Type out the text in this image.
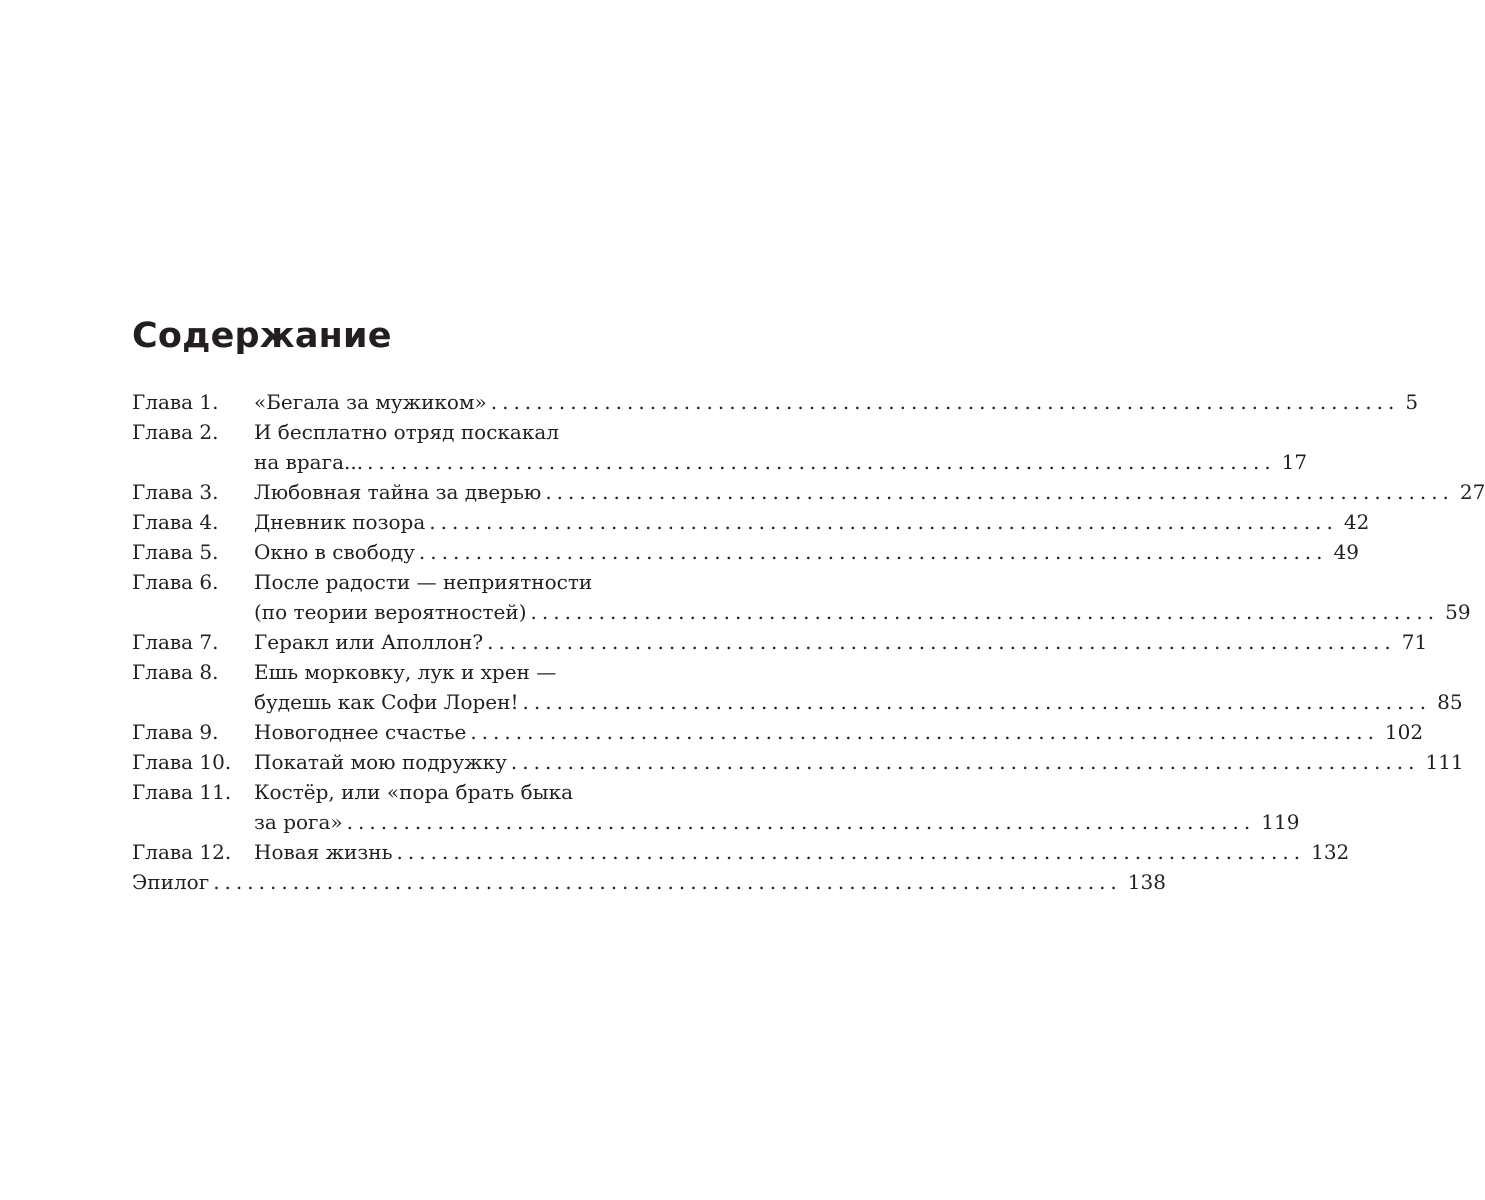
Содержание
Глава 1.	«Бегала за мужиком» ................................................................................ 5
Глава 2.	И бесплатно отряд поскакал
на врага... ................................................................................ 17
Глава 3.	Любовная тайна за дверью ................................................................................ 27
Глава 4.	Дневник позора ................................................................................ 42
Глава 5.	Окно в свободу ................................................................................ 49
Глава 6.	После радости — неприятности
(по теории вероятностей) ................................................................................ 59
Глава 7.	Геракл или Аполлон? ................................................................................ 71
Глава 8.	Ешь морковку, лук и хрен —
будешь как Софи Лорен! ................................................................................ 85
Глава 9.	Новогоднее счастье ................................................................................ 102
Глава 10.	Покатай мою подружку ................................................................................ 111
Глава 11.	Костёр, или «пора брать быка
за рога» ................................................................................ 119
Глава 12.	Новая жизнь ................................................................................ 132
Эпилог ................................................................................ 138
